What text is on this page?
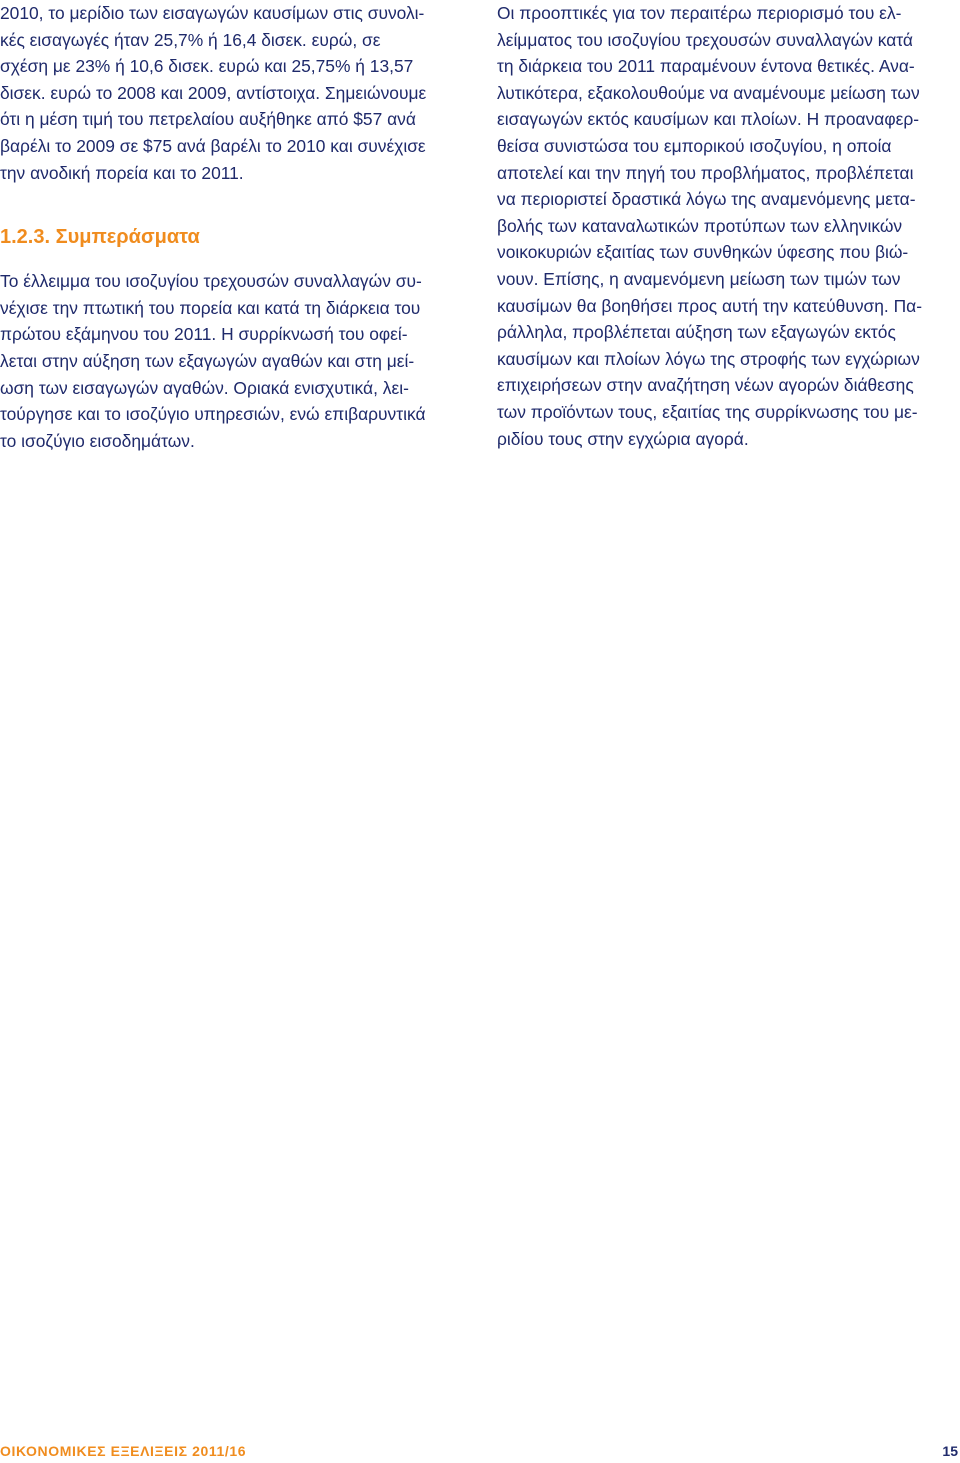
2010, το μερίδιο των εισαγωγών καυσίμων στις συνολι-
κές εισαγωγές ήταν 25,7% ή 16,4 δισεκ. ευρώ, σε
σχέση με 23% ή 10,6 δισεκ. ευρώ και 25,75% ή 13,57
δισεκ. ευρώ το 2008 και 2009, αντίστοιχα. Σημειώνουμε
ότι η μέση τιμή του πετρελαίου αυξήθηκε από $57 ανά
βαρέλι το 2009 σε $75 ανά βαρέλι το 2010 και συνέχισε
την ανοδική πορεία και το 2011.

1.2.3. Συμπεράσματα

Το έλλειμμα του ισοζυγίου τρεχουσών συναλλαγών συ-
νέχισε την πτωτική του πορεία και κατά τη διάρκεια του
πρώτου εξάμηνου του 2011. Η συρρίκνωσή του οφεί-
λεται στην αύξηση των εξαγωγών αγαθών και στη μεί-
ωση των εισαγωγών αγαθών. Οριακά ενισχυτικά, λει-
τούργησε και το ισοζύγιο υπηρεσιών, ενώ επιβαρυντικά
το ισοζύγιο εισοδημάτων.

Οι προοπτικές για τον περαιτέρω περιορισμό του ελ-
λείμματος του ισοζυγίου τρεχουσών συναλλαγών κατά
τη διάρκεια του 2011 παραμένουν έντονα θετικές. Ανα-
λυτικότερα, εξακολουθούμε να αναμένουμε μείωση των
εισαγωγών εκτός καυσίμων και πλοίων. Η προαναφερ-
θείσα συνιστώσα του εμπορικού ισοζυγίου, η οποία
αποτελεί και την πηγή του προβλήματος, προβλέπεται
να περιοριστεί δραστικά λόγω της αναμενόμενης μετα-
βολής των καταναλωτικών προτύπων των ελληνικών
νοικοκυριών εξαιτίας των συνθηκών ύφεσης που βιώ-
νουν. Επίσης, η αναμενόμενη μείωση των τιμών των
καυσίμων θα βοηθήσει προς αυτή την κατεύθυνση. Πα-
ράλληλα, προβλέπεται αύξηση των εξαγωγών εκτός
καυσίμων και πλοίων λόγω της στροφής των εγχώριων
επιχειρήσεων στην αναζήτηση νέων αγορών διάθεσης
των προϊόντων τους, εξαιτίας της συρρίκνωσης του με-
ριδίου τους στην εγχώρια αγορά.

ΟΙΚΟΝΟΜΙΚΕΣ ΕΞΕΛΙΞΕΙΣ 2011/16	15
